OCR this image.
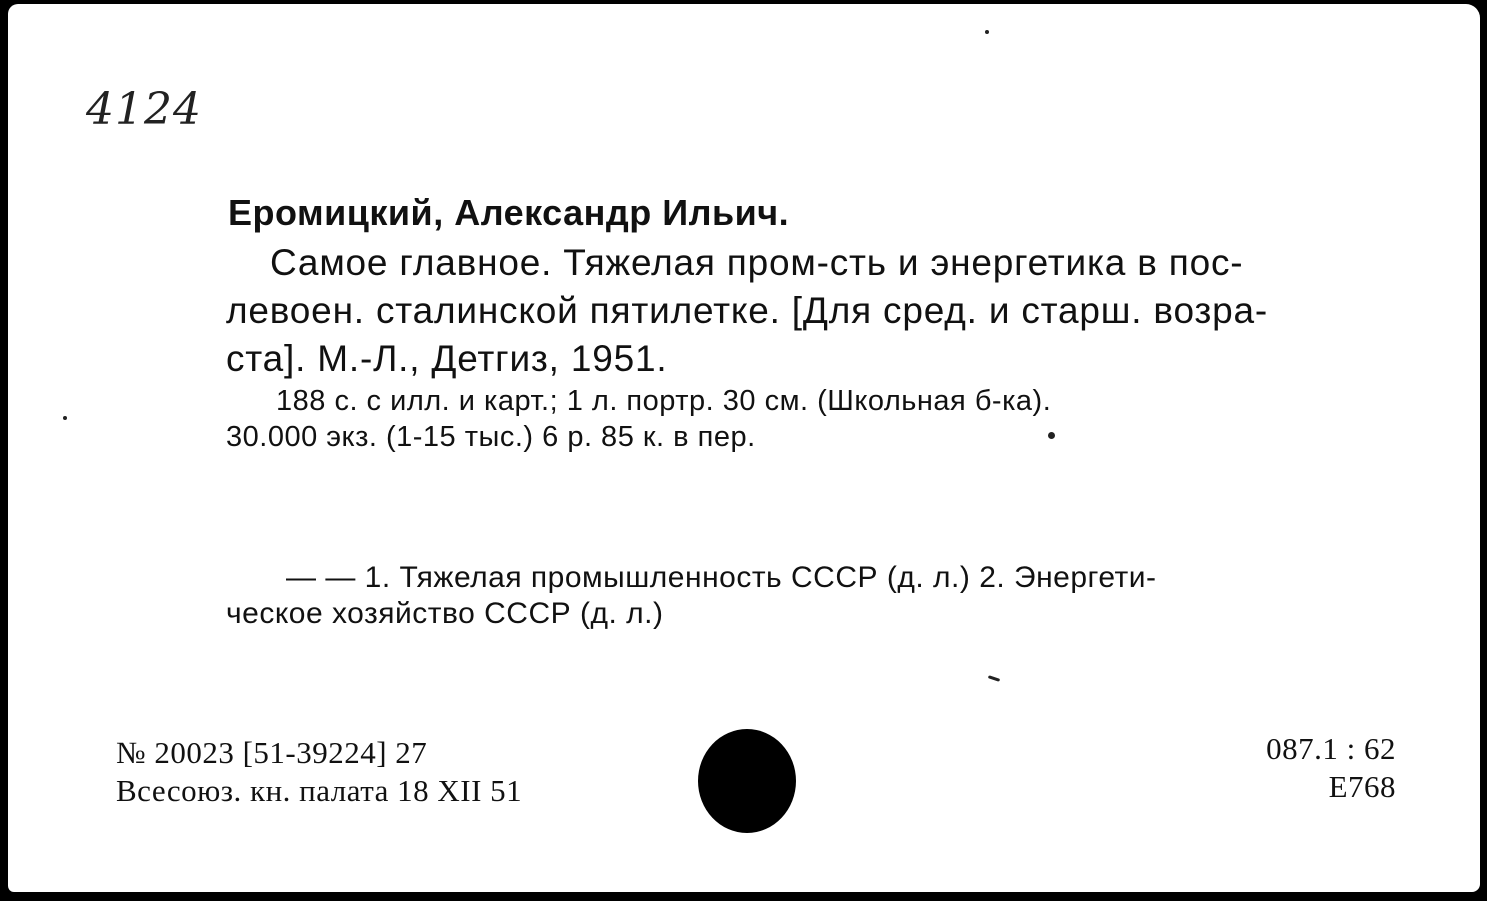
4124
Еромицкий, Александр Ильич.
Самое главное. Тяжелая пром-сть и энергетика в пос-
левоен. сталинской пятилетке. [Для сред. и старш. возра-
ста]. М.-Л., Детгиз, 1951.
188 с. с илл. и карт.; 1 л. портр. 30 см. (Школьная б-ка).
30.000 экз. (1-15 тыс.) 6 р. 85 к. в пер.
— — 1. Тяжелая промышленность СССР (д. л.) 2. Энергети-
ческое хозяйство СССР (д. л.)
№ 20023 [51-39224] 27
Всесоюз. кн. палата 18 XII 51
087.1 : 62
Е768
